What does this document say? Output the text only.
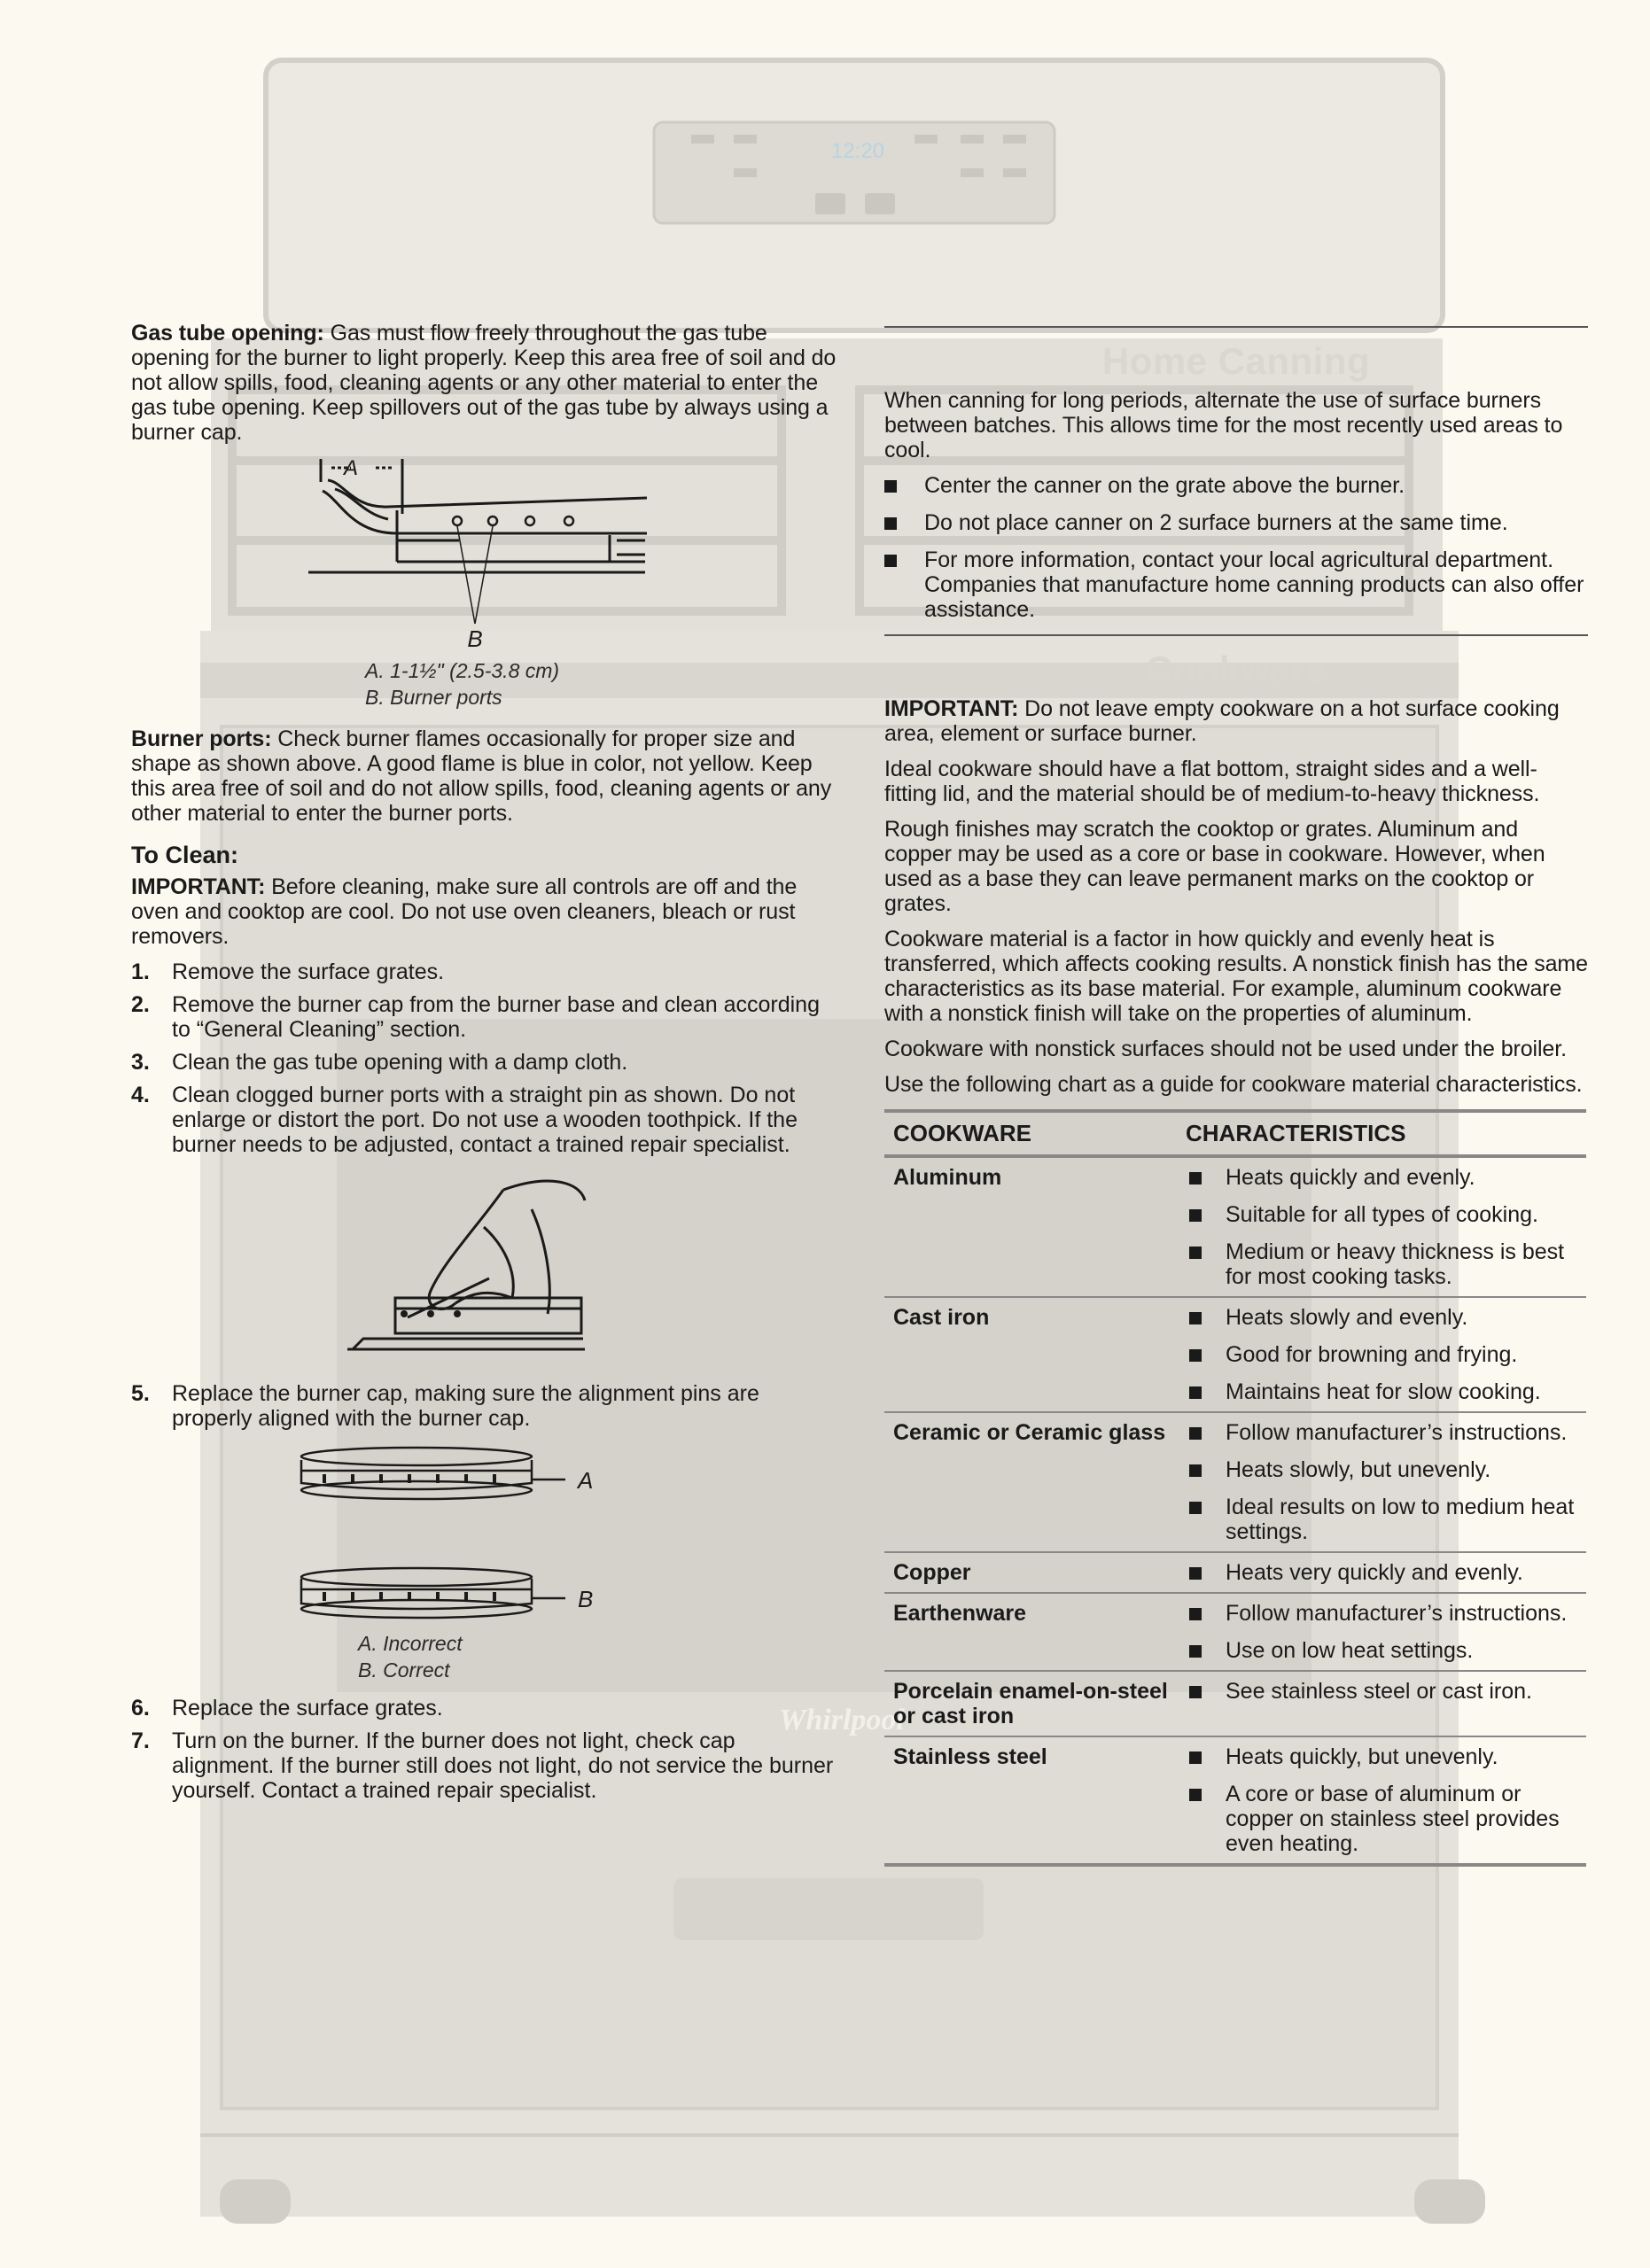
12:20
Whirlpool

Gas tube opening: Gas must flow freely throughout the gas tube opening for the burner to light properly. Keep this area free of soil and do not allow spills, food, cleaning agents or any other material to enter the gas tube opening. Keep spillovers out of the gas tube by always using a burner cap.

A
B
A. 1-1½" (2.5-3.8 cm)
B. Burner ports

Burner ports: Check burner flames occasionally for proper size and shape as shown above. A good flame is blue in color, not yellow. Keep this area free of soil and do not allow spills, food, cleaning agents or any other material to enter the burner ports.

To Clean:

IMPORTANT: Before cleaning, make sure all controls are off and the oven and cooktop are cool. Do not use oven cleaners, bleach or rust removers.

1. Remove the surface grates.
2. Remove the burner cap from the burner base and clean according to “General Cleaning” section.
3. Clean the gas tube opening with a damp cloth.
4. Clean clogged burner ports with a straight pin as shown. Do not enlarge or distort the port. Do not use a wooden toothpick. If the burner needs to be adjusted, contact a trained repair specialist.
5. Replace the burner cap, making sure the alignment pins are properly aligned with the burner cap.
A
B
A. Incorrect
B. Correct
6. Replace the surface grates.
7. Turn on the burner. If the burner does not light, check cap alignment. If the burner still does not light, do not service the burner yourself. Contact a trained repair specialist.
Home Canning

When canning for long periods, alternate the use of surface burners between batches. This allows time for the most recently used areas to cool.

Center the canner on the grate above the burner.
Do not place canner on 2 surface burners at the same time.
For more information, contact your local agricultural department. Companies that manufacture home canning products can also offer assistance.
Cookware

IMPORTANT: Do not leave empty cookware on a hot surface cooking area, element or surface burner.

Ideal cookware should have a flat bottom, straight sides and a well-fitting lid, and the material should be of medium-to-heavy thickness.

Rough finishes may scratch the cooktop or grates. Aluminum and copper may be used as a core or base in cookware. However, when used as a base they can leave permanent marks on the cooktop or grates.

Cookware material is a factor in how quickly and evenly heat is transferred, which affects cooking results. A nonstick finish has the same characteristics as its base material. For example, aluminum cookware with a nonstick finish will take on the properties of aluminum.

Cookware with nonstick surfaces should not be used under the broiler.

Use the following chart as a guide for cookware material characteristics.

COOKWARE	CHARACTERISTICS
Aluminum	Heats quickly and evenly.
Suitable for all types of cooking.
Medium or heavy thickness is best for most cooking tasks.

Cast iron	Heats slowly and evenly.
Good for browning and frying.
Maintains heat for slow cooking.

Ceramic or Ceramic glass	Follow manufacturer’s instructions.
Heats slowly, but unevenly.
Ideal results on low to medium heat settings.

Copper	Heats very quickly and evenly.

Earthenware	Follow manufacturer’s instructions.
Use on low heat settings.

Porcelain enamel-on-steel or cast iron	See stainless steel or cast iron.

Stainless steel	Heats quickly, but unevenly.
A core or base of aluminum or copper on stainless steel provides even heating.
